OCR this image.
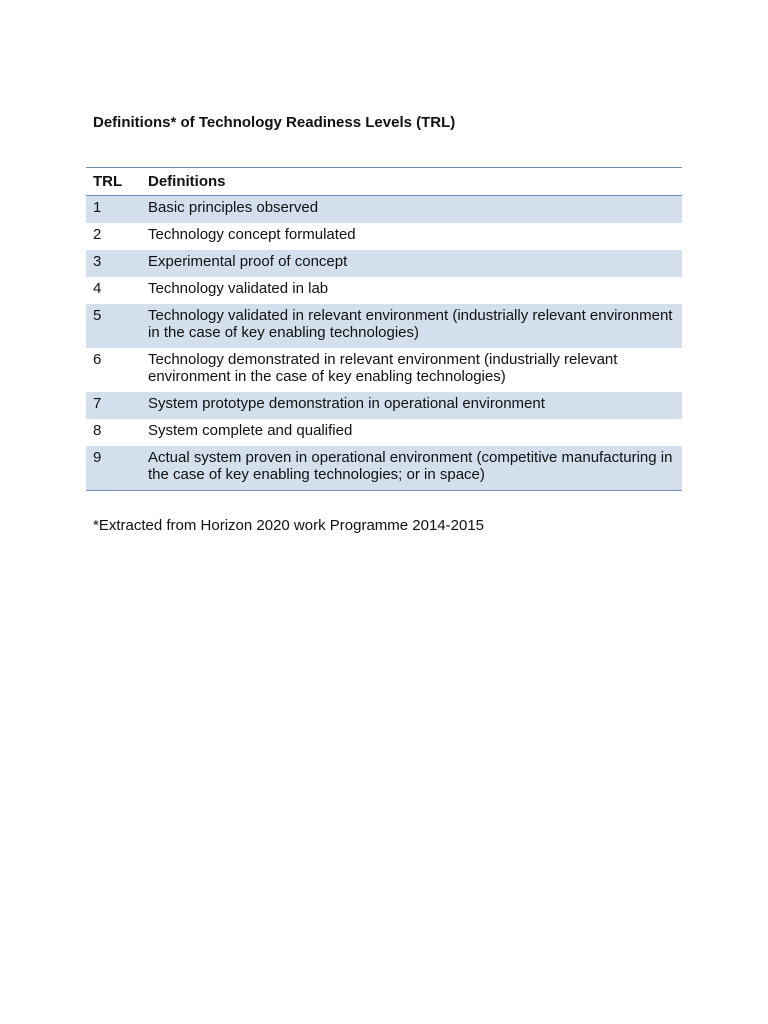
Definitions* of Technology Readiness Levels (TRL)
TRL	Definitions
1	Basic principles observed
2	Technology concept formulated
3	Experimental proof of concept
4	Technology validated in lab
5	Technology validated in relevant environment (industrially relevant environment in the case of key enabling technologies)
6	Technology demonstrated in relevant environment (industrially relevant environment in the case of key enabling technologies)
7	System prototype demonstration in operational environment
8	System complete and qualified
9	Actual system proven in operational environment (competitive manufacturing in the case of key enabling technologies; or in space)
*Extracted from Horizon 2020 work Programme 2014-2015
